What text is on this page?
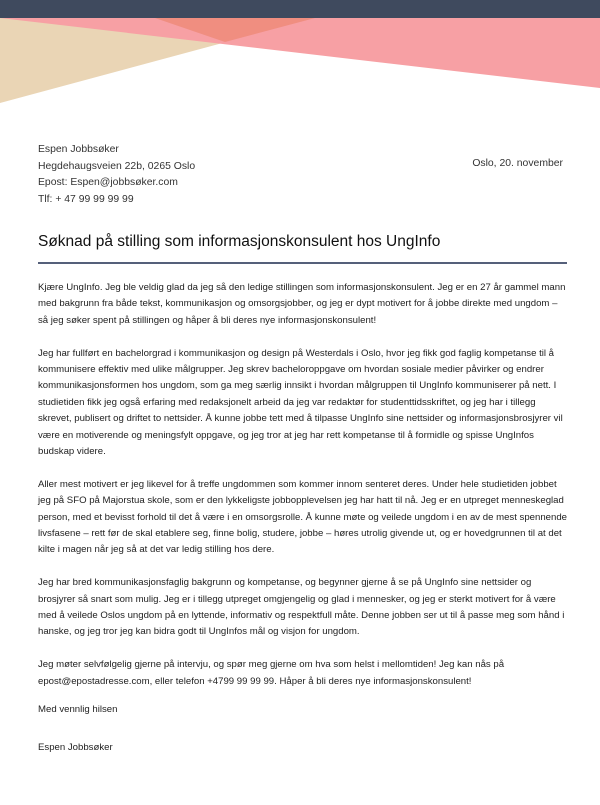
Espen Jobbsøker
Hegdehaugsveien 22b, 0265 Oslo
Epost: Espen@jobbsøker.com
Tlf: + 47 99 99 99 99
Oslo, 20. november
Søknad på stilling som informasjonskonsulent hos UngInfo

Kjære UngInfo. Jeg ble veldig glad da jeg så den ledige stillingen som informasjonskonsulent. Jeg er en 27 år gammel mann med bakgrunn fra både tekst, kommunikasjon og omsorgsjobber, og jeg er dypt motivert for å jobbe direkte med ungdom – så jeg søker spent på stillingen og håper å bli deres nye informasjonskonsulent!

Jeg har fullført en bachelorgrad i kommunikasjon og design på Westerdals i Oslo, hvor jeg fikk god faglig kompetanse til å kommunisere effektiv med ulike målgrupper. Jeg skrev bacheloroppgave om hvordan sosiale medier påvirker og endrer kommunikasjonsformen hos ungdom, som ga meg særlig innsikt i hvordan målgruppen til UngInfo kommuniserer på nett. I studietiden fikk jeg også erfaring med redaksjonelt arbeid da jeg var redaktør for studenttidsskriftet, og jeg har i tillegg skrevet, publisert og driftet to nettsider. Å kunne jobbe tett med å tilpasse UngInfo sine nettsider og informasjonsbrosjyrer vil være en motiverende og meningsfylt oppgave, og jeg tror at jeg har rett kompetanse til å formidle og spisse UngInfos budskap videre.

Aller mest motivert er jeg likevel for å treffe ungdommen som kommer innom senteret deres. Under hele studietiden jobbet jeg på SFO på Majorstua skole, som er den lykkeligste jobbopplevelsen jeg har hatt til nå. Jeg er en utpreget menneskeglad person, med et bevisst forhold til det å være i en omsorgsrolle. Å kunne møte og veilede ungdom i en av de mest spennende livsfasene – rett før de skal etablere seg, finne bolig, studere, jobbe – høres utrolig givende ut, og er hovedgrunnen til at det kilte i magen når jeg så at det var ledig stilling hos dere.

Jeg har bred kommunikasjonsfaglig bakgrunn og kompetanse, og begynner gjerne å se på UngInfo sine nettsider og brosjyrer så snart som mulig. Jeg er i tillegg utpreget omgjengelig og glad i mennesker, og jeg er sterkt motivert for å være med å veilede Oslos ungdom på en lyttende, informativ og respektfull måte. Denne jobben ser ut til å passe meg som hånd i hanske, og jeg tror jeg kan bidra godt til UngInfos mål og visjon for ungdom.

Jeg møter selvfølgelig gjerne på intervju, og spør meg gjerne om hva som helst i mellomtiden! Jeg kan nås på epost@epostadresse.com, eller telefon +4799 99 99 99. Håper å bli deres nye informasjonskonsulent!

Med vennlig hilsen
Espen Jobbsøker
